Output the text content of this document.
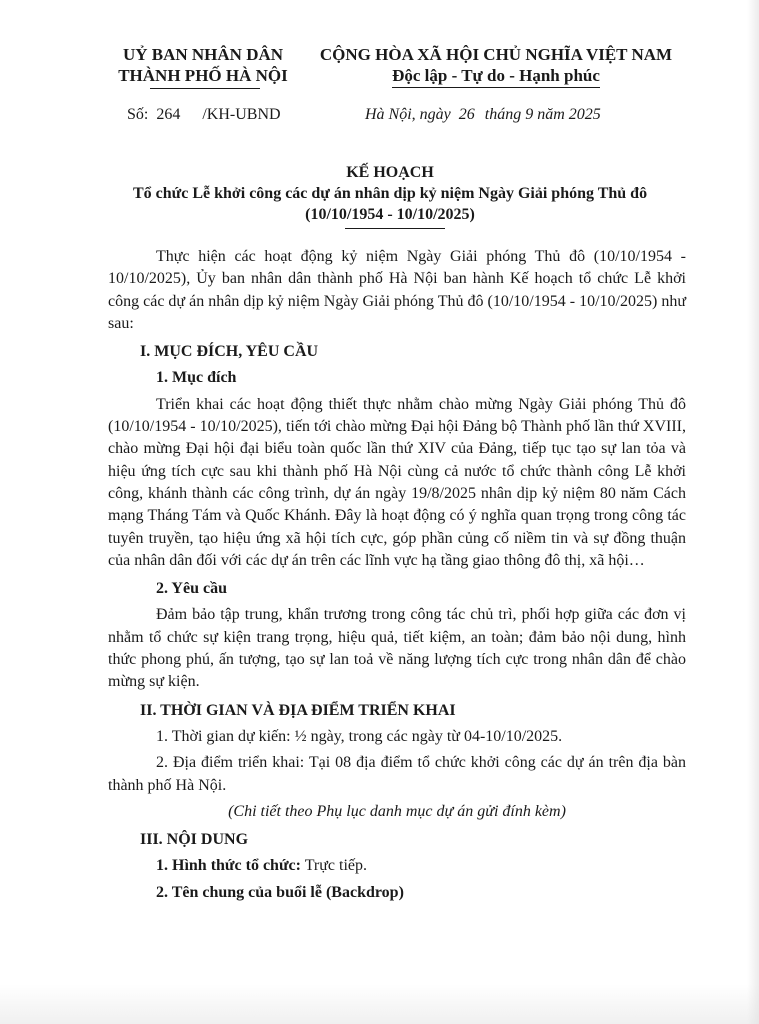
UỶ BAN NHÂN DÂN
THÀNH PHỐ HÀ NỘI
CỘNG HÒA XÃ HỘI CHỦ NGHĨA VIỆT NAM
Độc lập - Tự do - Hạnh phúc
Số: 264 /KH-UBND	Hà Nội, ngày 26 tháng 9 năm 2025
KẾ HOẠCH
Tổ chức Lễ khởi công các dự án nhân dịp kỷ niệm Ngày Giải phóng Thủ đô
(10/10/1954 - 10/10/2025)

Thực hiện các hoạt động kỷ niệm Ngày Giải phóng Thủ đô (10/10/1954 - 10/10/2025), Ủy ban nhân dân thành phố Hà Nội ban hành Kế hoạch tổ chức Lễ khởi công các dự án nhân dịp kỷ niệm Ngày Giải phóng Thủ đô (10/10/1954 - 10/10/2025) như sau:

I. MỤC ĐÍCH, YÊU CẦU

1. Mục đích

Triển khai các hoạt động thiết thực nhằm chào mừng Ngày Giải phóng Thủ đô (10/10/1954 - 10/10/2025), tiến tới chào mừng Đại hội Đảng bộ Thành phố lần thứ XVIII, chào mừng Đại hội đại biểu toàn quốc lần thứ XIV của Đảng, tiếp tục tạo sự lan tỏa và hiệu ứng tích cực sau khi thành phố Hà Nội cùng cả nước tổ chức thành công Lễ khởi công, khánh thành các công trình, dự án ngày 19/8/2025 nhân dịp kỷ niệm 80 năm Cách mạng Tháng Tám và Quốc Khánh. Đây là hoạt động có ý nghĩa quan trọng trong công tác tuyên truyền, tạo hiệu ứng xã hội tích cực, góp phần củng cố niềm tin và sự đồng thuận của nhân dân đối với các dự án trên các lĩnh vực hạ tầng giao thông đô thị, xã hội…

2. Yêu cầu

Đảm bảo tập trung, khẩn trương trong công tác chủ trì, phối hợp giữa các đơn vị nhằm tổ chức sự kiện trang trọng, hiệu quả, tiết kiệm, an toàn; đảm bảo nội dung, hình thức phong phú, ấn tượng, tạo sự lan toả về năng lượng tích cực trong nhân dân để chào mừng sự kiện.

II. THỜI GIAN VÀ ĐỊA ĐIỂM TRIỂN KHAI

1. Thời gian dự kiến: ½ ngày, trong các ngày từ 04-10/10/2025.

2. Địa điểm triển khai: Tại 08 địa điểm tổ chức khởi công các dự án trên địa bàn thành phố Hà Nội.

(Chi tiết theo Phụ lục danh mục dự án gửi đính kèm)

III. NỘI DUNG

1. Hình thức tổ chức: Trực tiếp.

2. Tên chung của buổi lễ (Backdrop)
